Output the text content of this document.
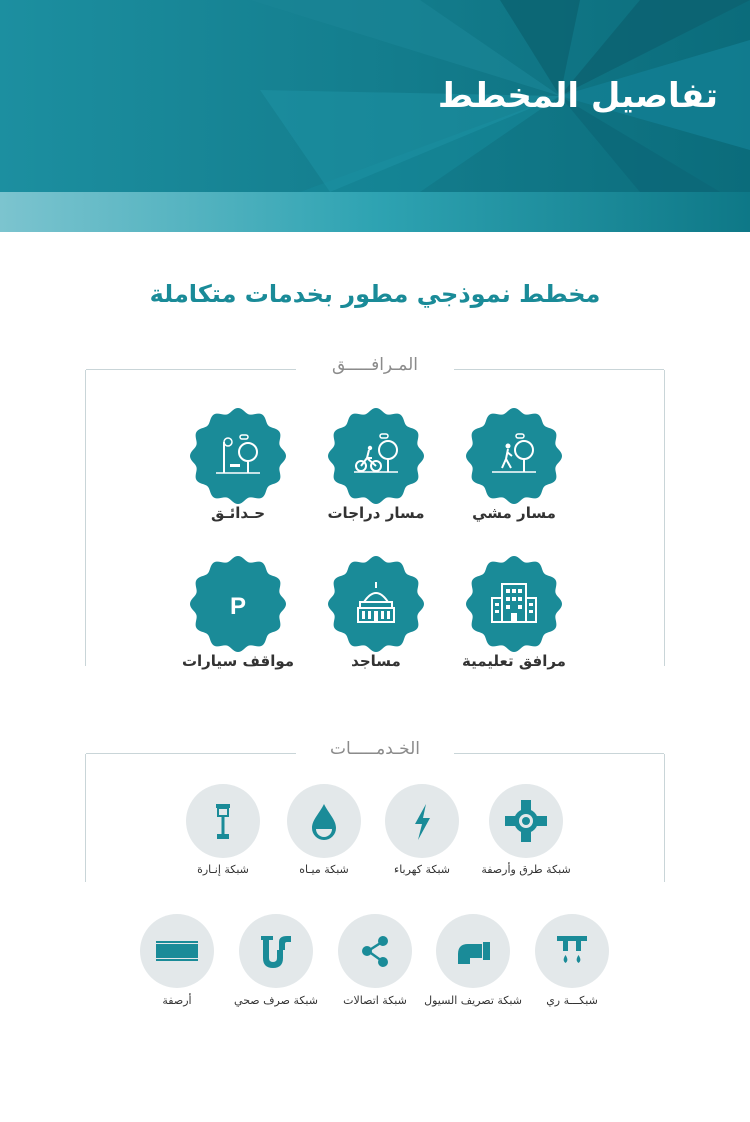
تفاصيل المخطط
مخطط نموذجي مطور بخدمات متكاملة
المـرافـــــق
مسار مشي
مسار دراجات
حـدائـق
P
مرافق تعليمية
مساجد
مواقف سيارات
الخـدمـــــات
شبكة طرق وأرصفة
شبكة كهرباء
شبكة ميـاه
شبكة إنـارة
شبكـــة ري
شبكة تصريف السيول
شبكة اتصالات
شبكة صرف صحي
أرصفة
